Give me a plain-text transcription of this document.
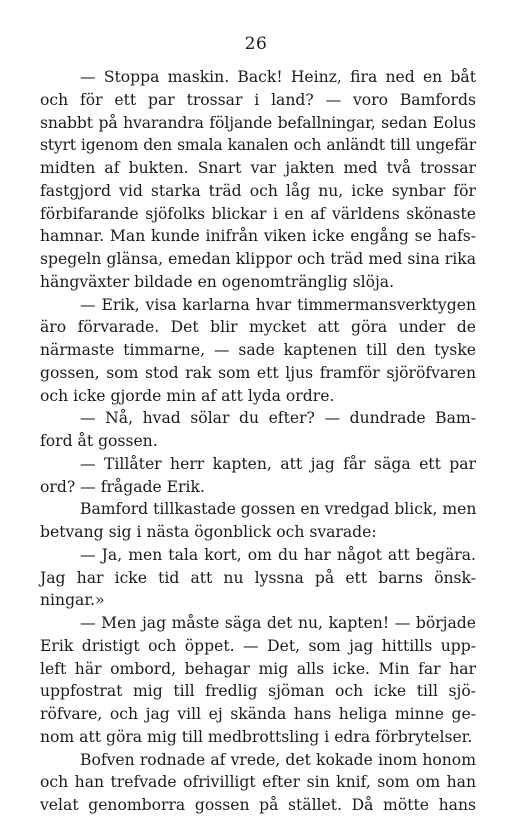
26
— Stoppa maskin. Back! Heinz, fira ned en båt
och för ett par trossar i land? — voro Bamfords
snabbt på hvarandra följande befallningar, sedan Eolus
styrt igenom den smala kanalen och anländt till ungefär
midten af bukten. Snart var jakten med två trossar
fastgjord vid starka träd och låg nu, icke synbar för
förbifarande sjöfolks blickar i en af världens skönaste
hamnar. Man kunde inifrån viken icke engång se hafs-
spegeln glänsa, emedan klippor och träd med sina rika
hängväxter bildade en ogenomtränglig slöja.
— Erik, visa karlarna hvar timmermansverktygen
äro förvarade. Det blir mycket att göra under de
närmaste timmarne, — sade kaptenen till den tyske
gossen, som stod rak som ett ljus framför sjöröfvaren
och icke gjorde min af att lyda ordre.
— Nå, hvad sölar du efter? — dundrade Bam-
ford åt gossen.
— Tillåter herr kapten, att jag får säga ett par
ord? — frågade Erik.
Bamford tillkastade gossen en vredgad blick, men
betvang sig i nästa ögonblick och svarade:
— Ja, men tala kort, om du har något att begära.
Jag har icke tid att nu lyssna på ett barns önsk-
ningar.»
— Men jag måste säga det nu, kapten! — började
Erik dristigt och öppet. — Det, som jag hittills upp-
left här ombord, behagar mig alls icke. Min far har
uppfostrat mig till fredlig sjöman och icke till sjö-
röfvare, och jag vill ej skända hans heliga minne ge-
nom att göra mig till medbrottsling i edra förbrytelser.
Bofven rodnade af vrede, det kokade inom honom
och han trefvade ofrivilligt efter sin knif, som om han
velat genomborra gossen på stället. Då mötte hans
